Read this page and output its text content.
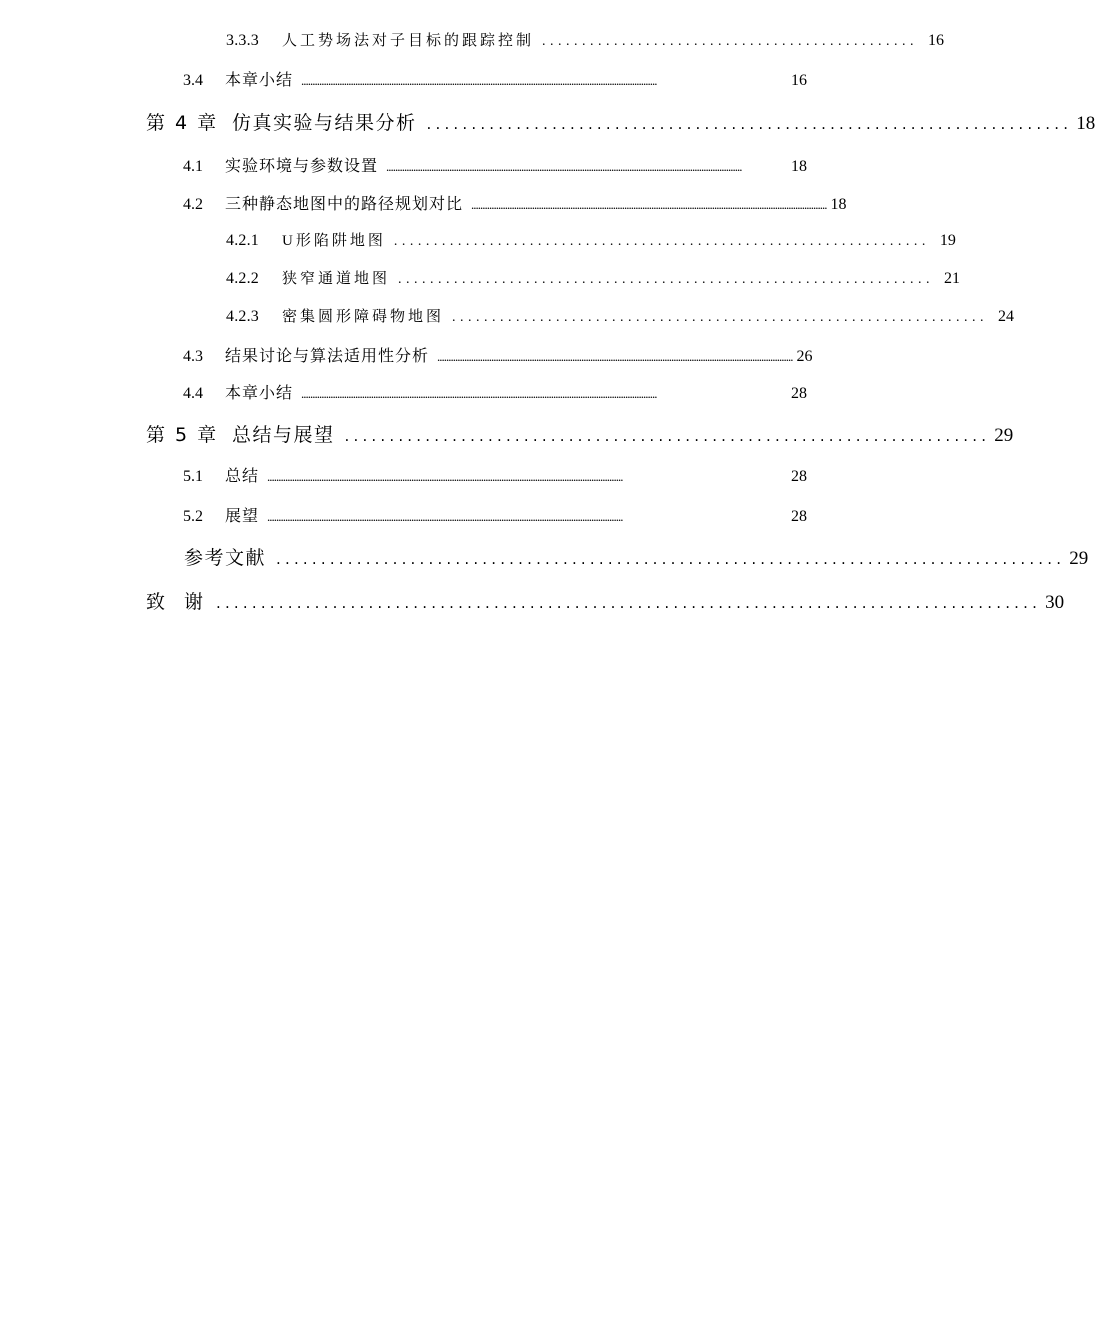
3.3.3	人工势场法对子目标的跟踪控制 ............................................... 16
3.4	本章小结 ..............................................................................................................................................................	16
第 4 章 仿真实验与结果分析 ........................................................................ 18
4.1	实验环境与参数设置 ..............................................................................................................................................................	18
4.2	三种静态地图中的路径规划对比 .............................................................................................................................................................. 18
4.2.1	U形陷阱地图 ................................................................... 19
4.2.2	狭窄通道地图 ................................................................... 21
4.2.3	密集圆形障碍物地图 ................................................................... 24
4.3	结果讨论与算法适用性分析 .............................................................................................................................................................. 26
4.4	本章小结 ..............................................................................................................................................................	28
第 5 章 总结与展望 ........................................................................ 29
5.1	总结 ..............................................................................................................................................................	28
5.2	展望 ..............................................................................................................................................................	28
参考文献 ........................................................................................ 29
致　谢 ............................................................................................ 30
